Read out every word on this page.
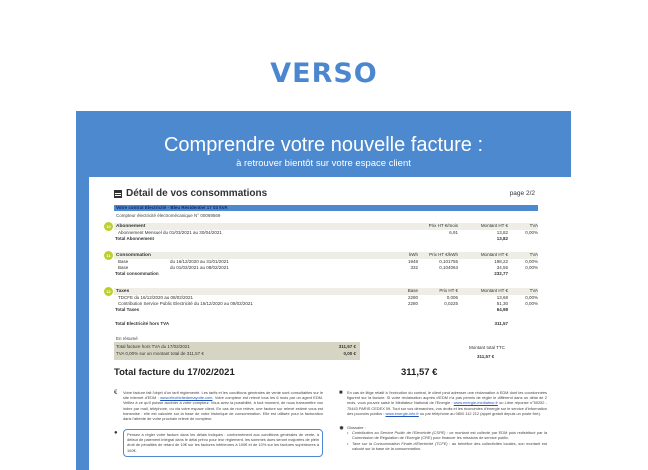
VERSO
Comprendre votre nouvelle facture :
à retrouver bientôt sur votre espace client
Détail de vos consommations	page 2/2
Votre contrat Electricité - Bleu Résidentiel 17 03 kVA
Compteur électricité électromécanique N° 00069569
10	Abonnement	Prix HT €/mois	Montant HT €	TVA
Abonnement Mensuel du 01/03/2021 au 30/04/2021	6,91	13,82	0,00%
Total Abonnement	13,82
11	Consommation	kWh Prix HT €/kWh	Montant HT €	TVA
Base	du 16/12/2020 au 31/01/2021	1948	0,101755	198,22	0,00%
Base	du 01/02/2021 au 08/02/2021	332	0,104063	34,55	0,00%
Total consommation	232,77
12	Taxes	Base	Prix HT €	Montant HT €	TVA
TDCFE du 16/12/2020 au 08/02/2021	2280	0,006	13,68	0,00%
Contribution Service Public Electricité du 16/12/2020 au 08/02/2021	2280	0,0225	51,30	0,00%
Total Taxes	64,98
Total Electricité hors TVA	311,57
En résumé
Total facture hors TVA du 17/02/2021	311,57 €
TVA 0,00% sur un montant total de 311,57 €	0,00 €
Montant total TTC
311,57 €
Total facture du 17/02/2021	311,57 €
€ Votre facture fait l'objet d'un tarif réglementé. Les tarifs et les conditions générales de vente sont consultables sur le site internet d'EDM : www.electricitedemayotte.com. Votre compteur est relevé tous les 6 mois par un agent EDM. Veillez à ce qu'il puisse accéder à votre compteur. Vous avez la possibilité, à tout moment, de nous transmettre vos index par mail, téléphone, ou via votre espace client. En cas de non relève, une facture sur relevé estimé vous est transmise : elle est calculée sur la base de votre historique de consommation. Elle est utilisée pour la facturation dans l'attente de votre prochain relevé de compteur.
●	Pensez à régler votre facture dans les délais indiqués : conformément aux conditions générales de vente, à défaut de paiement intégral dans le délai prévu pour leur règlement, les sommes dues seront majorées de plein droit de pénalités de retard de 10€ sur les factures inférieures à 100€ et de 10% sur les factures supérieures à 100€.
■ En cas de litige relatif à l'exécution du contrat, le client peut adresser une réclamation à EDM dont les coordonnées figurent sur la facture. Si votre réclamation auprès d'EDM n'a pas permis de régler le différend dans un délai de 2 mois, vous pouvez saisir le Médiateur National de l'Energie : www.energie-mediateur.fr ou Libre réponse n°59252 - 75443 PARIS CEDEX 09. Tout sur vos démarches, vos droits et les économies d'énergie sur le service d'information des pouvoirs publics : www.energie-info.fr ou par téléphone au 0800 112 212 (appel gratuit depuis un poste fixe).
✹ Glossaire :
• Contribution au Service Public de l'Electricité (CSPE) : ce montant est collecté par EDM puis redistribué par la Commission de Régulation de l'Energie (CRE) pour financer les missions de service public.
• Taxe sur la Consommation Finale d'Electricité (TCFE) : au bénéfice des collectivités locales, son montant est calculé sur la base de la consommation.
